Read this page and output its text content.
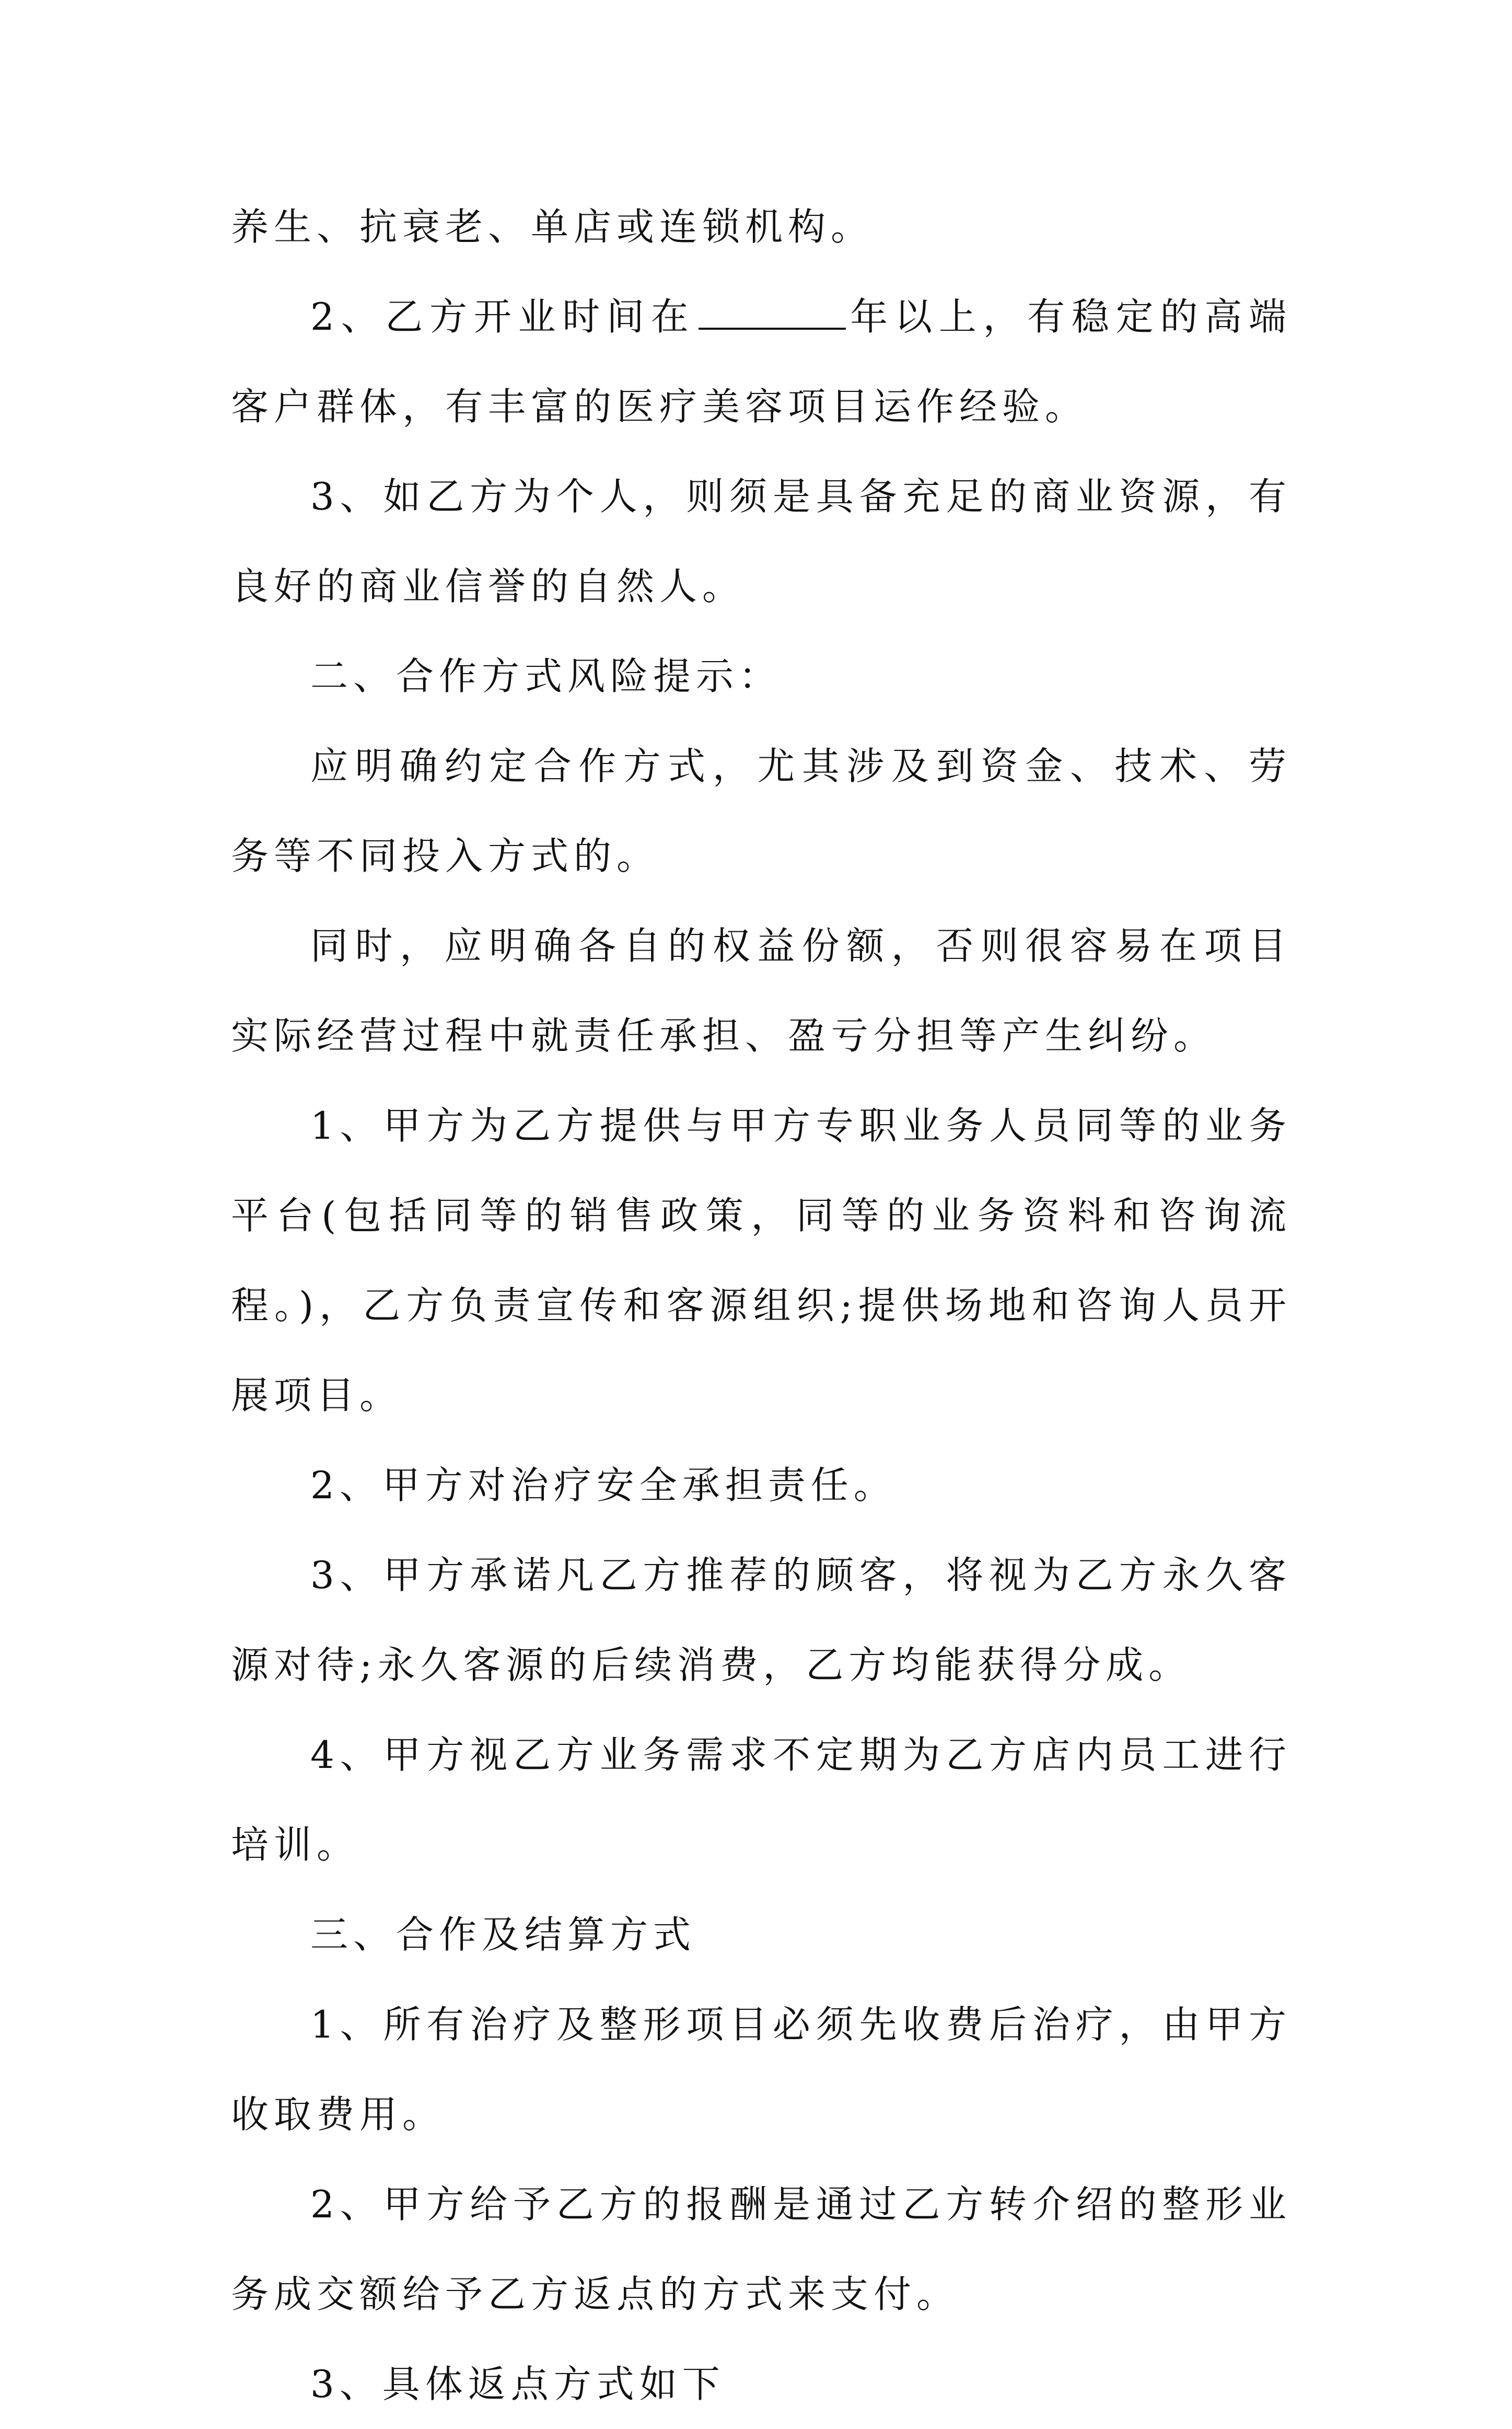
养生、抗衰老、单店或连锁机构。

2、乙方开业时间在	年以上，有稳定的高端客户群体，有丰富的医疗美容项目运作经验。

3、如乙方为个人，则须是具备充足的商业资源，有良好的商业信誉的自然人。

二、合作方式风险提示：

应明确约定合作方式，尤其涉及到资金、技术、劳务等不同投入方式的。

同时，应明确各自的权益份额，否则很容易在项目实际经营过程中就责任承担、盈亏分担等产生纠纷。

1、甲方为乙方提供与甲方专职业务人员同等的业务平台(包括同等的销售政策，同等的业务资料和咨询流程。)，乙方负责宣传和客源组织;提供场地和咨询人员开展项目。

2、甲方对治疗安全承担责任。

3、甲方承诺凡乙方推荐的顾客，将视为乙方永久客源对待;永久客源的后续消费，乙方均能获得分成。

4、甲方视乙方业务需求不定期为乙方店内员工进行培训。

三、合作及结算方式

1、所有治疗及整形项目必须先收费后治疗，由甲方收取费用。

2、甲方给予乙方的报酬是通过乙方转介绍的整形业务成交额给予乙方返点的方式来支付。

3、具体返点方式如下
